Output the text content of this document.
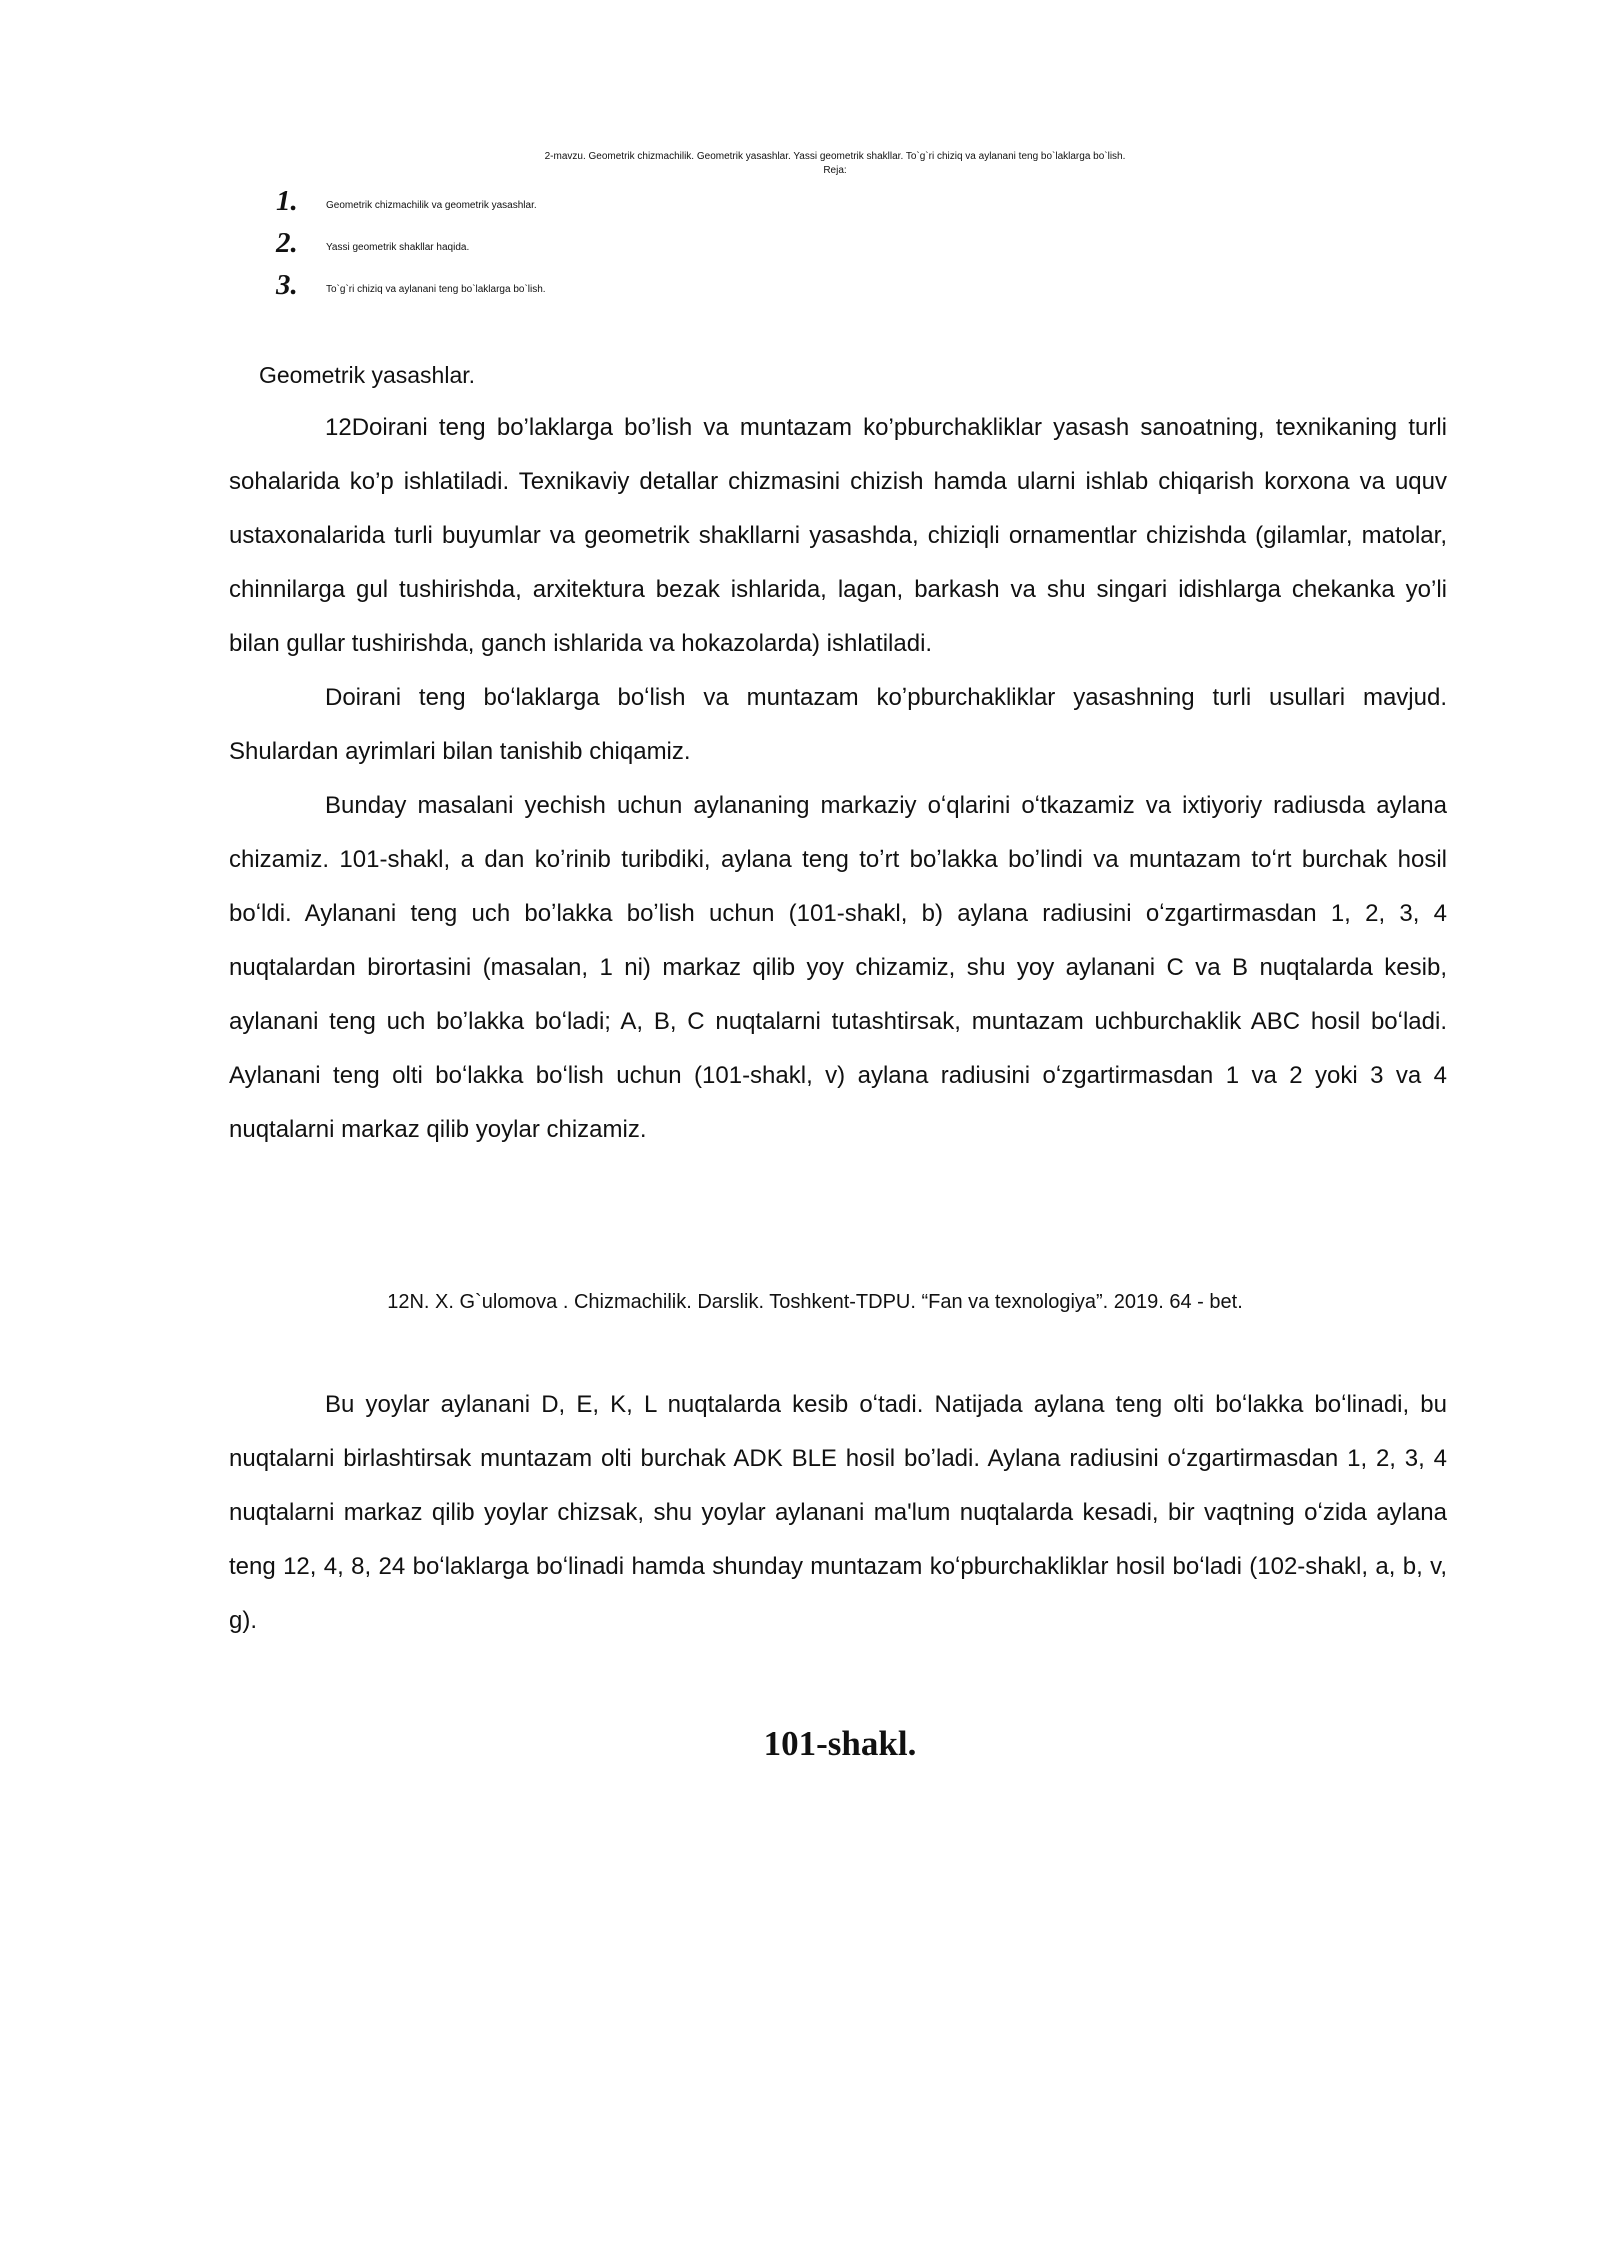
2-mavzu. Geometrik chizmachilik. Geometrik yasashlar. Yassi geometrik shakllar. To`g`ri chiziq va aylanani teng bo`laklarga bo`lish.
Reja:
1.	Geometrik chizmachilik va geometrik yasashlar.
2.	Yassi geometrik shakllar haqida.
3.	To`g`ri chiziq va aylanani teng bo`laklarga bo`lish.
Geometrik yasashlar.

12Doirani teng bo’laklarga bo’lish va muntazam ko’pburchakliklar yasash sanoatning, texnikaning turli sohalarida ko’p ishlatiladi. Texnikaviy detallar chizmasini chizish hamda ularni ishlab chiqarish korxona va uquv ustaxonalarida turli buyumlar va geometrik shakllarni yasashda, chiziqli ornamentlar chizishda (gilamlar, matolar, chinnilarga gul tushirishda, arxitektura bezak ishlarida, lagan, barkash va shu singari idishlarga chekanka yo’li bilan gullar tushirishda, ganch ishlarida va hokazolarda) ishlatiladi.

Doirani teng boʻlaklarga boʻlish va muntazam koʼpburchakliklar yasashning turli usullari mavjud. Shulardan ayrimlari bilan tanishib chiqamiz.

Bunday masalani yechish uchun aylananing markaziy oʻqlarini oʻtkazamiz va ixtiyoriy radiusda aylana chizamiz. 101-shakl, a dan koʼrinib turibdiki, aylana teng toʼrt boʼlakka boʼlindi va muntazam toʻrt burchak hosil boʻldi. Aylanani teng uch boʼlakka boʼlish uchun (101-shakl, b) aylana radiusini oʻzgartirmasdan 1, 2, 3, 4 nuqtalardan birortasini (masalan, 1 ni) markaz qilib yoy chizamiz, shu yoy aylanani C va B nuqtalarda kesib, aylanani teng uch boʼlakka boʻladi; A, B, C nuqtalarni tutashtirsak, muntazam uchburchaklik ABC hosil boʻladi. Aylanani teng olti boʻlakka boʻlish uchun (101-shakl, v) aylana radiusini oʻzgartirmasdan 1 va 2 yoki 3 va 4 nuqtalarni markaz qilib yoylar chizamiz.

12N. X. G`ulomova . Chizmachilik. Darslik. Toshkent-TDPU. “Fan va texnologiya”. 2019. 64 - bet.

Bu yoylar aylanani D, E, K, L nuqtalarda kesib oʻtadi. Natijada aylana teng olti boʻlakka boʻlinadi, bu nuqtalarni birlashtirsak muntazam olti burchak ADK BLE hosil boʼladi. Aylana radiusini oʻzgartirmasdan 1, 2, 3, 4 nuqtalarni markaz qilib yoylar chizsak, shu yoylar aylanani ma'lum nuqtalarda kesadi, bir vaqtning oʻzida aylana teng 12, 4, 8, 24 boʻlaklarga boʻlinadi hamda shunday muntazam koʻpburchakliklar hosil boʻladi (102-shakl, a, b, v, g).

101-shakl.
